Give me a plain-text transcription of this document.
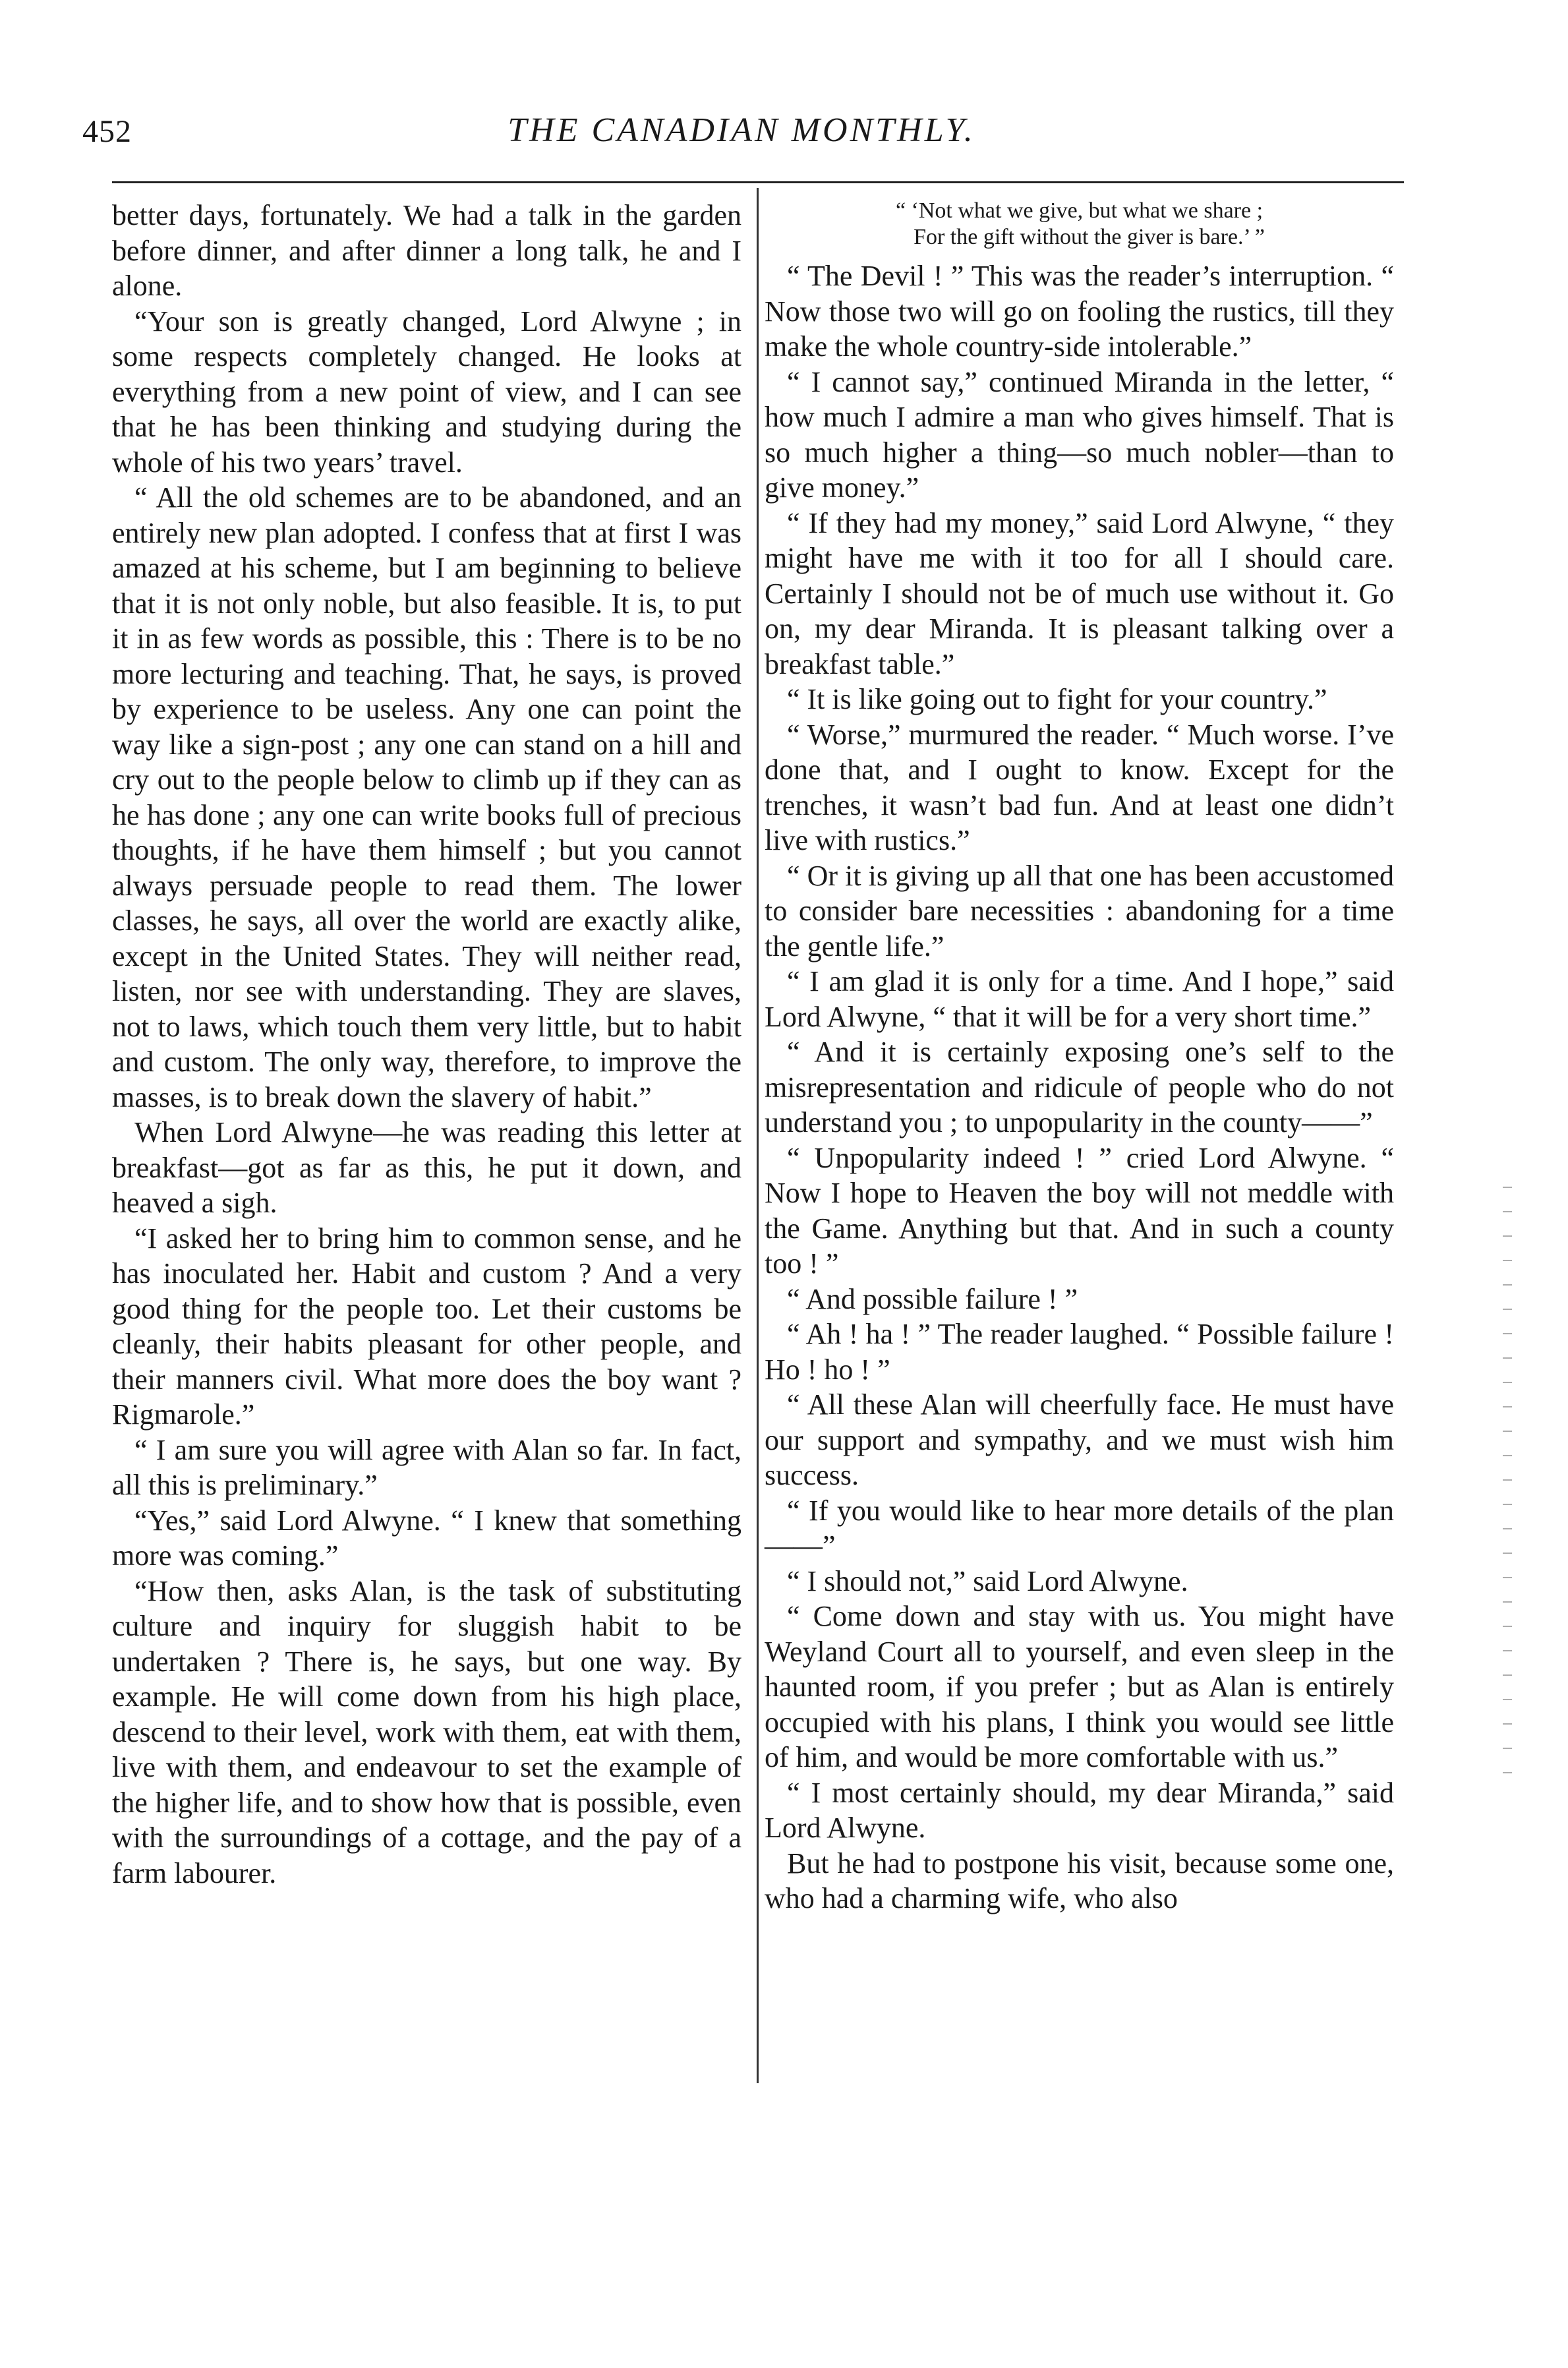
452	THE CANADIAN MONTHLY.

better days, fortunately. We had a talk in the garden before dinner, and after dinner a long talk, he and I alone.

“Your son is greatly changed, Lord Alwyne ; in some respects completely changed. He looks at everything from a new point of view, and I can see that he has been thinking and studying during the whole of his two years’ travel.

“ All the old schemes are to be abandoned, and an entirely new plan adopted. I confess that at first I was amazed at his scheme, but I am beginning to believe that it is not only noble, but also feasible. It is, to put it in as few words as possible, this : There is to be no more lecturing and teaching. That, he says, is proved by experience to be useless. Any one can point the way like a sign-post ; any one can stand on a hill and cry out to the people below to climb up if they can as he has done ; any one can write books full of precious thoughts, if he have them himself ; but you cannot always persuade people to read them. The lower classes, he says, all over the world are exactly alike, except in the United States. They will neither read, listen, nor see with understanding. They are slaves, not to laws, which touch them very little, but to habit and custom. The only way, therefore, to improve the masses, is to break down the slavery of habit.”

When Lord Alwyne—he was reading this letter at breakfast—got as far as this, he put it down, and heaved a sigh.

“I asked her to bring him to common sense, and he has inoculated her. Habit and custom ? And a very good thing for the people too. Let their customs be cleanly, their habits pleasant for other people, and their manners civil. What more does the boy want ? Rigmarole.”

“ I am sure you will agree with Alan so far. In fact, all this is preliminary.”

“Yes,” said Lord Alwyne. “ I knew that something more was coming.”

“How then, asks Alan, is the task of substituting culture and inquiry for sluggish habit to be undertaken ? There is, he says, but one way. By example. He will come down from his high place, descend to their level, work with them, eat with them, live with them, and endeavour to set the example of the higher life, and to show how that is possible, even with the surroundings of a cottage, and the pay of a farm labourer.

“ ‘Not what we give, but what we share ;
For the gift without the giver is bare.’ ”

“ The Devil ! ” This was the reader’s interruption. “ Now those two will go on fooling the rustics, till they make the whole country-side intolerable.”

“ I cannot say,” continued Miranda in the letter, “ how much I admire a man who gives himself. That is so much higher a thing—so much nobler—than to give money.”

“ If they had my money,” said Lord Alwyne, “ they might have me with it too for all I should care. Certainly I should not be of much use without it. Go on, my dear Miranda. It is pleasant talking over a breakfast table.”

“ It is like going out to fight for your country.”

“ Worse,” murmured the reader. “ Much worse. I’ve done that, and I ought to know. Except for the trenches, it wasn’t bad fun. And at least one didn’t live with rustics.”

“ Or it is giving up all that one has been accustomed to consider bare necessities : abandoning for a time the gentle life.”

“ I am glad it is only for a time. And I hope,” said Lord Alwyne, “ that it will be for a very short time.”

“ And it is certainly exposing one’s self to the misrepresentation and ridicule of people who do not understand you ; to unpopularity in the county——”

“ Unpopularity indeed ! ” cried Lord Alwyne. “ Now I hope to Heaven the boy will not meddle with the Game. Anything but that. And in such a county too ! ”

“ And possible failure ! ”

“ Ah ! ha ! ” The reader laughed. “ Possible failure ! Ho ! ho ! ”

“ All these Alan will cheerfully face. He must have our support and sympathy, and we must wish him success.

“ If you would like to hear more details of the plan——”

“ I should not,” said Lord Alwyne.

“ Come down and stay with us. You might have Weyland Court all to yourself, and even sleep in the haunted room, if you prefer ; but as Alan is entirely occupied with his plans, I think you would see little of him, and would be more comfortable with us.”

“ I most certainly should, my dear Miranda,” said Lord Alwyne.

But he had to postpone his visit, because some one, who had a charming wife, who also
